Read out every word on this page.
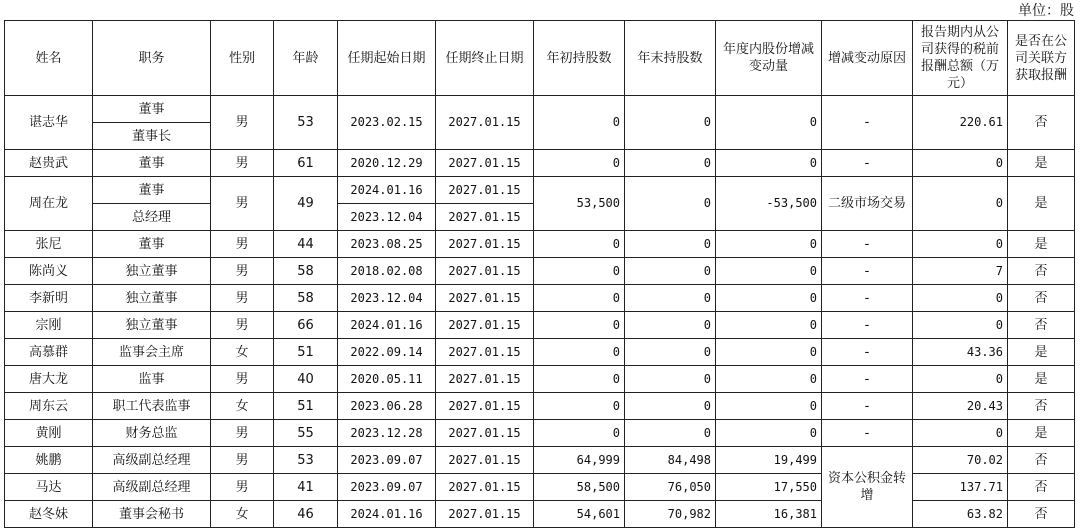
单位：股
姓名	职务	性别	年龄	任期起始日期	任期终止日期	年初持股数	年末持股数	年度内股份增减变动量	增减变动原因	报告期内从公司获得的税前报酬总额（万元）	是否在公司关联方获取报酬
谌志华	董事	男	53	2023.02.15	2027.01.15	0	0	0	-	220.61	否
	董事长										
赵贵武	董事	男	61	2020.12.29	2027.01.15	0	0	0	-	0	是
周在龙	董事	男	49	2024.01.16	2027.01.15	53,500	0	-53,500	二级市场交易	0	是
	总经理			2023.12.04	2027.01.15						
张尼	董事	男	44	2023.08.25	2027.01.15	0	0	0	-	0	是
陈尚义	独立董事	男	58	2018.02.08	2027.01.15	0	0	0	-	7	否
李新明	独立董事	男	58	2023.12.04	2027.01.15	0	0	0	-	0	否
宗刚	独立董事	男	66	2024.01.16	2027.01.15	0	0	0	-	0	否
高慕群	监事会主席	女	51	2022.09.14	2027.01.15	0	0	0	-	43.36	是
唐大龙	监事	男	40	2020.05.11	2027.01.15	0	0	0	-	0	是
周东云	职工代表监事	女	51	2023.06.28	2027.01.15	0	0	0	-	20.43	否
黄刚	财务总监	男	55	2023.12.28	2027.01.15	0	0	0	-	0	是
姚鹏	高级副总经理	男	53	2023.09.07	2027.01.15	64,999	84,498	19,499	资本公积金转增	70.02	否
马达	高级副总经理	男	41	2023.09.07	2027.01.15	58,500	76,050	17,550		137.71	否
赵冬妹	董事会秘书	女	46	2024.01.16	2027.01.15	54,601	70,982	16,381		63.82	否
